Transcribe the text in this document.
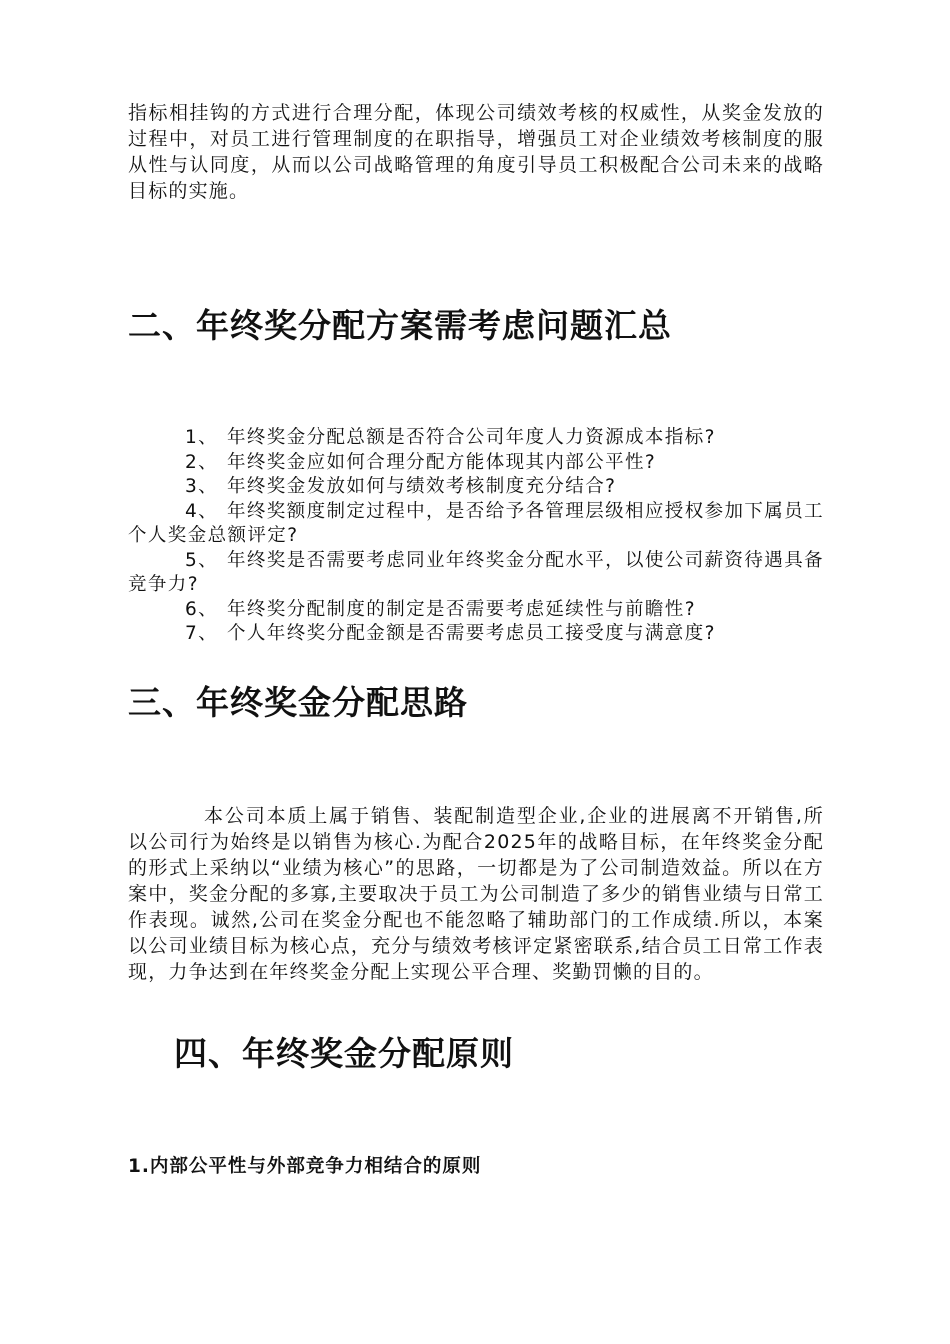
指标相挂钩的方式进行合理分配，体现公司绩效考核的权威性，从奖金发放的过程中，对员工进行管理制度的在职指导，增强员工对企业绩效考核制度的服从性与认同度，从而以公司战略管理的角度引导员工积极配合公司未来的战略目标的实施。

二、年终奖分配方案需考虑问题汇总
1、 年终奖金分配总额是否符合公司年度人力资源成本指标?
2、 年终奖金应如何合理分配方能体现其内部公平性?
3、 年终奖金发放如何与绩效考核制度充分结合?
4、 年终奖额度制定过程中，是否给予各管理层级相应授权参加下属员工个人奖金总额评定?
5、 年终奖是否需要考虑同业年终奖金分配水平，以使公司薪资待遇具备竞争力?
6、 年终奖分配制度的制定是否需要考虑延续性与前瞻性?
7、 个人年终奖分配金额是否需要考虑员工接受度与满意度?
三、年终奖金分配思路

本公司本质上属于销售、装配制造型企业,企业的进展离不开销售,所以公司行为始终是以销售为核心.为配合2025年的战略目标，在年终奖金分配的形式上采纳以“业绩为核心”的思路，一切都是为了公司制造效益。所以在方案中，奖金分配的多寡,主要取决于员工为公司制造了多少的销售业绩与日常工作表现。诚然,公司在奖金分配也不能忽略了辅助部门的工作成绩.所以，本案以公司业绩目标为核心点，充分与绩效考核评定紧密联系,结合员工日常工作表现，力争达到在年终奖金分配上实现公平合理、奖勤罚懒的目的。

四、年终奖金分配原则

1.内部公平性与外部竞争力相结合的原则
